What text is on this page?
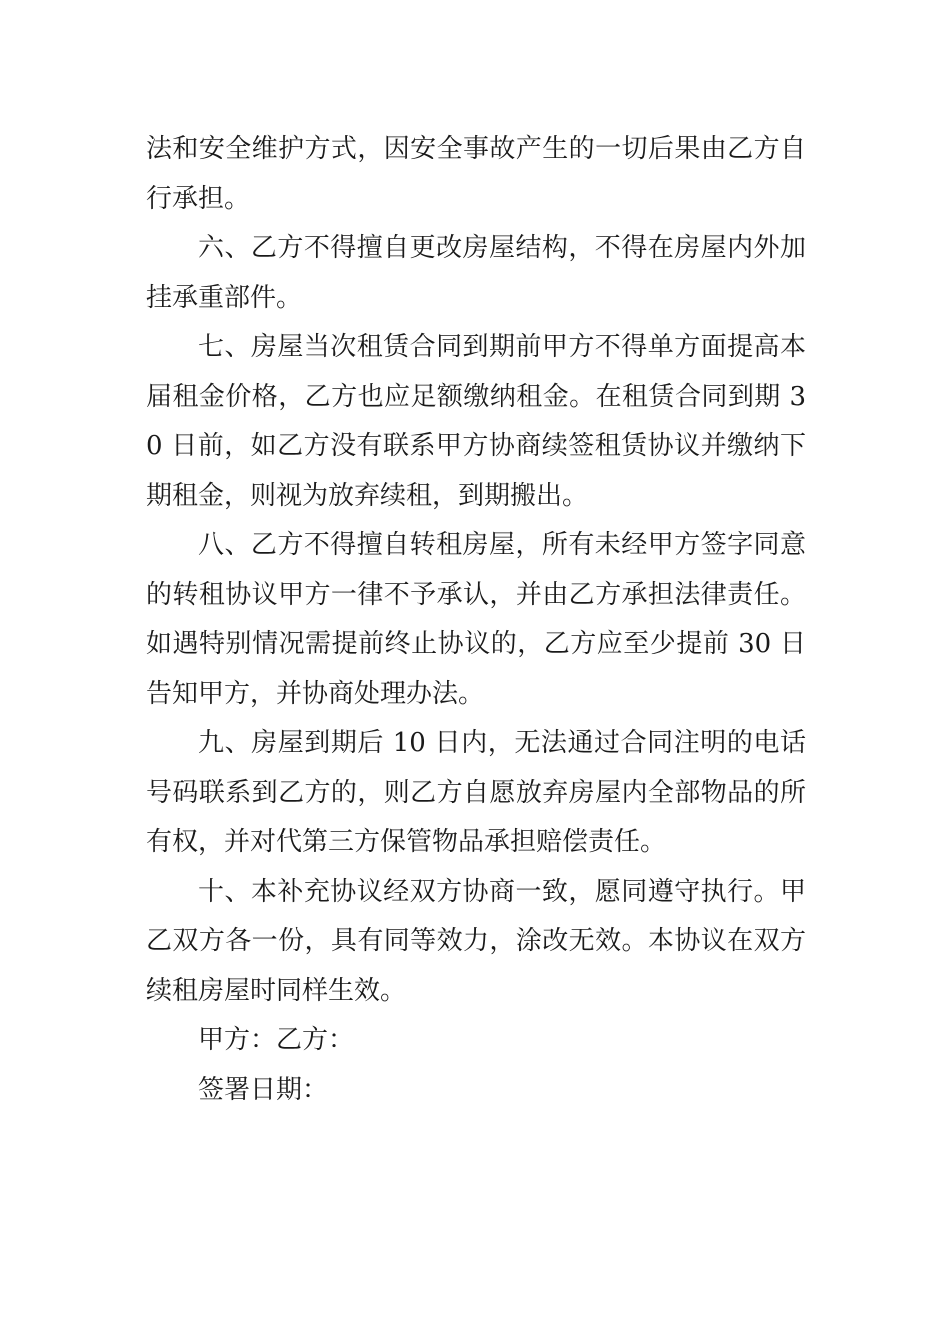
法和安全维护方式，因安全事故产生的一切后果由乙方自行承担。

六、乙方不得擅自更改房屋结构，不得在房屋内外加挂承重部件。

七、房屋当次租赁合同到期前甲方不得单方面提高本届租金价格，乙方也应足额缴纳租金。在租赁合同到期 30 日前，如乙方没有联系甲方协商续签租赁协议并缴纳下期租金，则视为放弃续租，到期搬出。

八、乙方不得擅自转租房屋，所有未经甲方签字同意的转租协议甲方一律不予承认，并由乙方承担法律责任。如遇特别情况需提前终止协议的，乙方应至少提前 30 日告知甲方，并协商处理办法。

九、房屋到期后 10 日内，无法通过合同注明的电话号码联系到乙方的，则乙方自愿放弃房屋内全部物品的所有权，并对代第三方保管物品承担赔偿责任。

十、本补充协议经双方协商一致，愿同遵守执行。甲乙双方各一份，具有同等效力，涂改无效。本协议在双方续租房屋时同样生效。

甲方：乙方：

签署日期：
